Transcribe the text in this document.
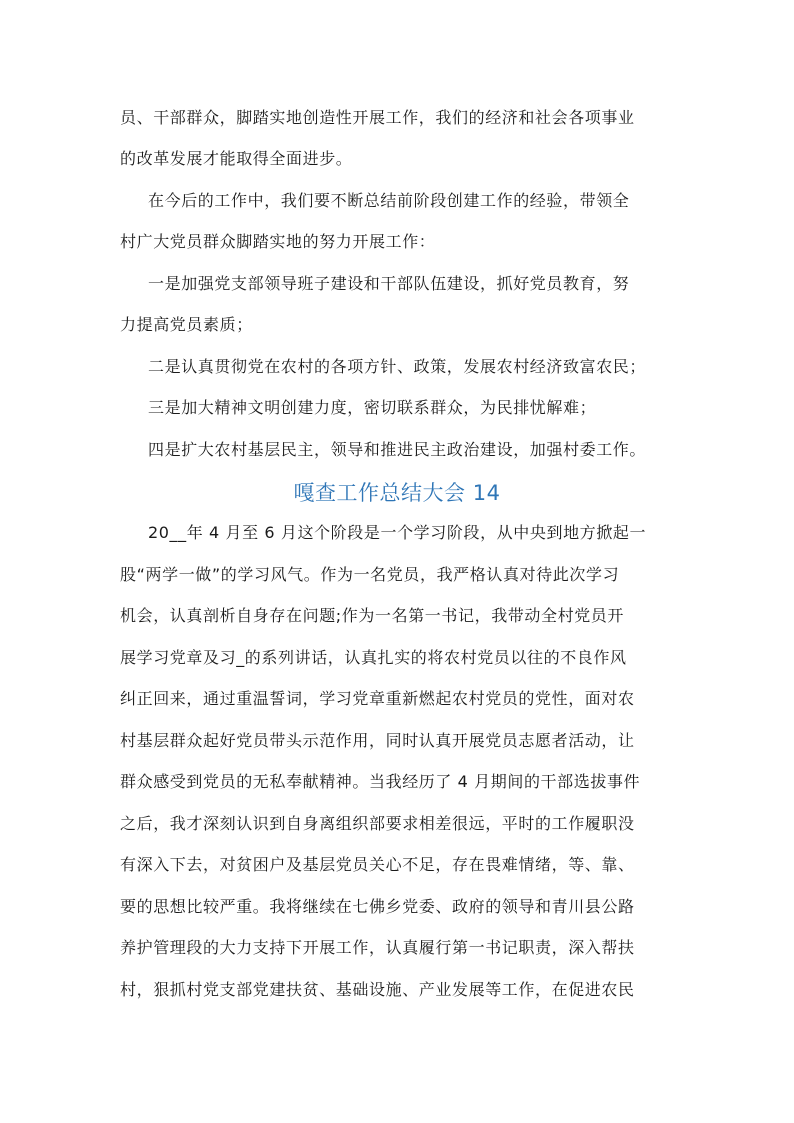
员、干部群众，脚踏实地创造性开展工作，我们的经济和社会各项事业
的改革发展才能取得全面进步。
在今后的工作中，我们要不断总结前阶段创建工作的经验，带领全
村广大党员群众脚踏实地的努力开展工作：
一是加强党支部领导班子建设和干部队伍建设，抓好党员教育，努
力提高党员素质；
二是认真贯彻党在农村的各项方针、政策，发展农村经济致富农民；
三是加大精神文明创建力度，密切联系群众，为民排忧解难；
四是扩大农村基层民主，领导和推进民主政治建设，加强村委工作。
嘎查工作总结大会 14
20__年 4 月至 6 月这个阶段是一个学习阶段，从中央到地方掀起一
股“两学一做”的学习风气。作为一名党员，我严格认真对待此次学习
机会，认真剖析自身存在问题;作为一名第一书记，我带动全村党员开
展学习党章及习_的系列讲话，认真扎实的将农村党员以往的不良作风
纠正回来，通过重温誓词，学习党章重新燃起农村党员的党性，面对农
村基层群众起好党员带头示范作用，同时认真开展党员志愿者活动，让
群众感受到党员的无私奉献精神。当我经历了 4 月期间的干部选拔事件
之后，我才深刻认识到自身离组织部要求相差很远，平时的工作履职没
有深入下去，对贫困户及基层党员关心不足，存在畏难情绪，等、靠、
要的思想比较严重。我将继续在七佛乡党委、政府的领导和青川县公路
养护管理段的大力支持下开展工作，认真履行第一书记职责，深入帮扶
村，狠抓村党支部党建扶贫、基础设施、产业发展等工作，在促进农民
